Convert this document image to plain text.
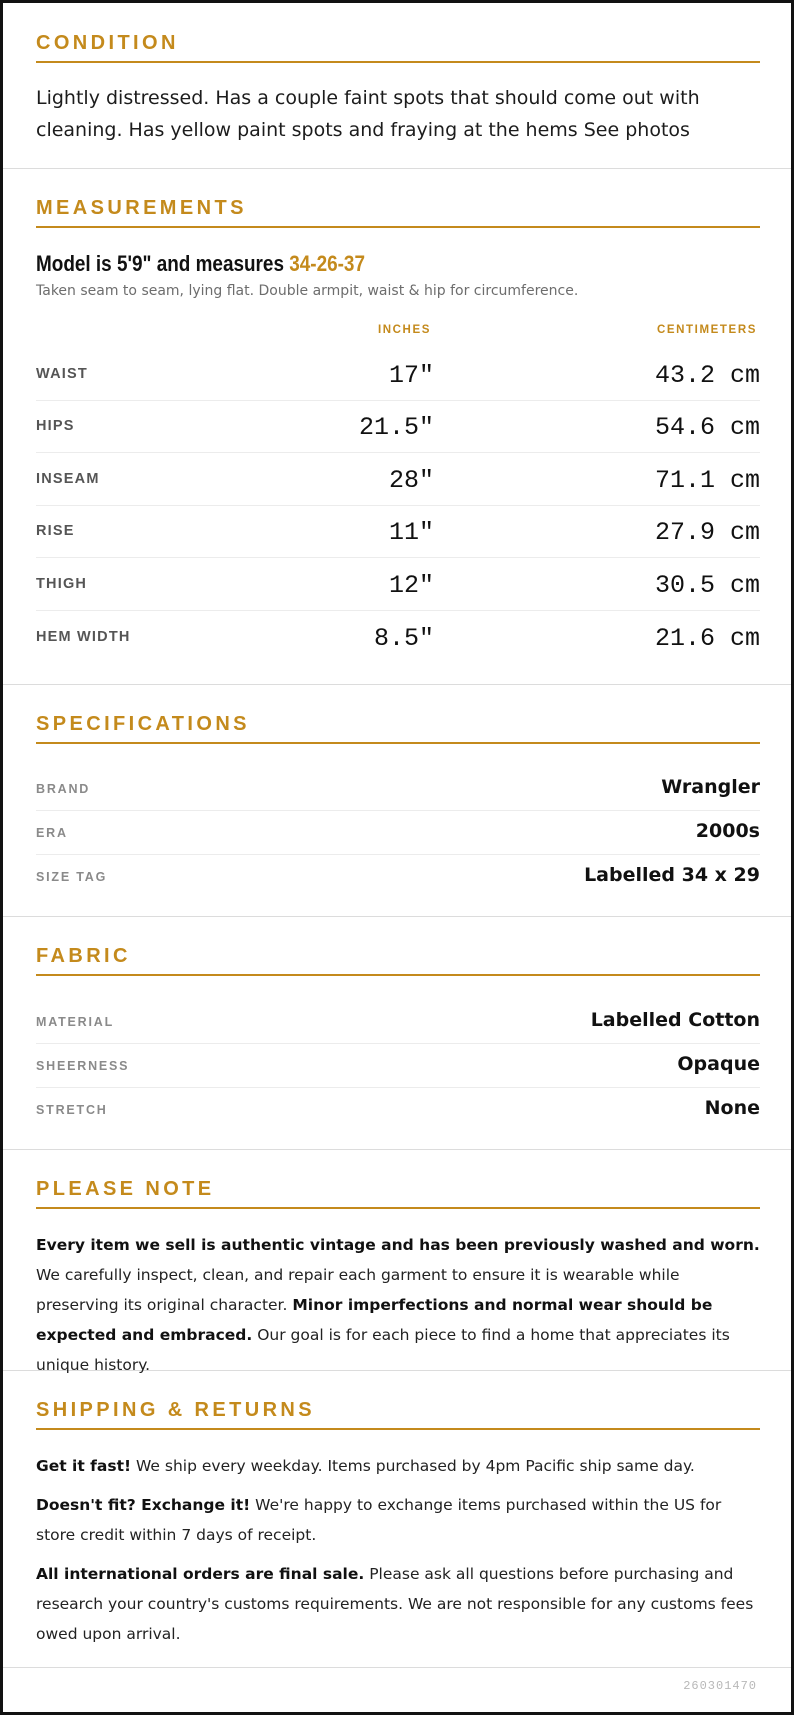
CONDITION
Lightly distressed. Has a couple faint spots that should come out with cleaning. Has yellow paint spots and fraying at the hems See photos
MEASUREMENTS
Model is 5'9" and measures 34-26-37
Taken seam to seam, lying flat. Double armpit, waist & hip for circumference.
INCHES	CENTIMETERS
WAIST	17"	43.2 cm
HIPS	21.5"	54.6 cm
INSEAM	28"	71.1 cm
RISE	11"	27.9 cm
THIGH	12"	30.5 cm
HEM WIDTH	8.5"	21.6 cm
SPECIFICATIONS
BRAND	Wrangler
ERA	2000s
SIZE TAG	Labelled 34 x 29
FABRIC
MATERIAL	Labelled Cotton
SHEERNESS	Opaque
STRETCH	None
PLEASE NOTE
Every item we sell is authentic vintage and has been previously washed and worn. We carefully inspect, clean, and repair each garment to ensure it is wearable while preserving its original character. Minor imperfections and normal wear should be expected and embraced. Our goal is for each piece to find a home that appreciates its unique history.
SHIPPING & RETURNS
Get it fast! We ship every weekday. Items purchased by 4pm Pacific ship same day.
Doesn't fit? Exchange it! We're happy to exchange items purchased within the US for store credit within 7 days of receipt.
All international orders are final sale. Please ask all questions before purchasing and research your country's customs requirements. We are not responsible for any customs fees owed upon arrival.
260301470
